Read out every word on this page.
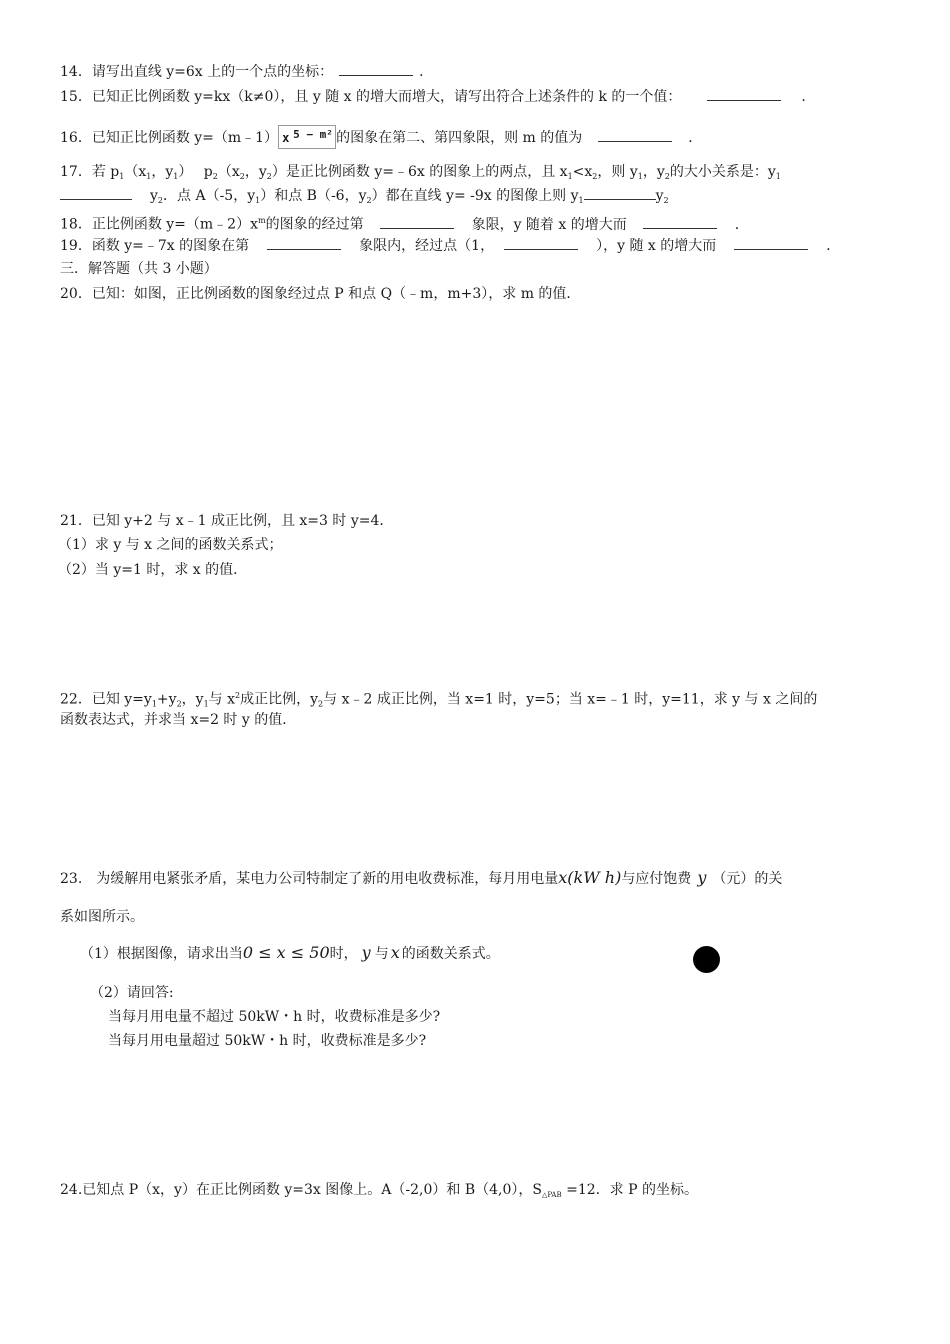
14．请写出直线 y=6x 上的一个点的坐标：	．
15．已知正比例函数 y=kx（k≠0），且 y 随 x 的增大而增大，请写出符合上述条件的 k 的一个值：	．
16．已知正比例函数 y=（m﹣1） x 5 − m² 的图象在第二、第四象限，则 m 的值为	．
17．若 $p_1(x_1$，$y_1$）　 $p_2(x_2$，$y_2$）是正比例函数 y=﹣6x 的图象上的两点，且 $x_1<x_2$，则 $y_1$，$y_2$的大小关系是：$y_1$
$y_2$．点 A（-5，$y_1$）和点 B（-6，$y_2$）都在直线 y= -9x 的图像上则 $y_1$	$y_2$
18．正比例函数 $y=(m﹣2)x^m$的图象的经过第	象限，y 随着 x 的增大而	．
19．函数 y=﹣7x 的图象在第	象限内，经过点（1，	），y 随 x 的增大而	．
三．解答题（共 3 小题）
20．已知：如图，正比例函数的图象经过点 P 和点 Q（﹣m，m+3），求 m 的值．
21．已知 y+2 与 x﹣1 成正比例，且 x=3 时 y=4．
（1）求 y 与 x 之间的函数关系式；
（2）当 y=1 时，求 x 的值．
22．已知 $y=y_1+y_2$，$y_1$与 $x^2$成正比例，$y_2$与 x﹣2 成正比例，当 x=1 时，y=5；当 x=﹣1 时，y=11，求 y 与 x 之间的
函数表达式，并求当 x=2 时 y 的值．
23.　为缓解用电紧张矛盾，某电力公司特制定了新的用电收费标准，每月用电量x(kW h)与应付饱费 y （元）的关
系如图所示。
（1）根据图像，请求出当0 ≤ x ≤ 50时， y 与 x 的函数关系式。
（2）请回答:
当每月用电量不超过 50kW・h 时，收费标准是多少?
当每月用电量超过 50kW・h 时，收费标准是多少?
24.已知点 P（x，y）在正比例函数 y=3x 图像上。A（-2,0）和 B（4,0），$S_{\triangle PAB} =12$．求 P 的坐标。
